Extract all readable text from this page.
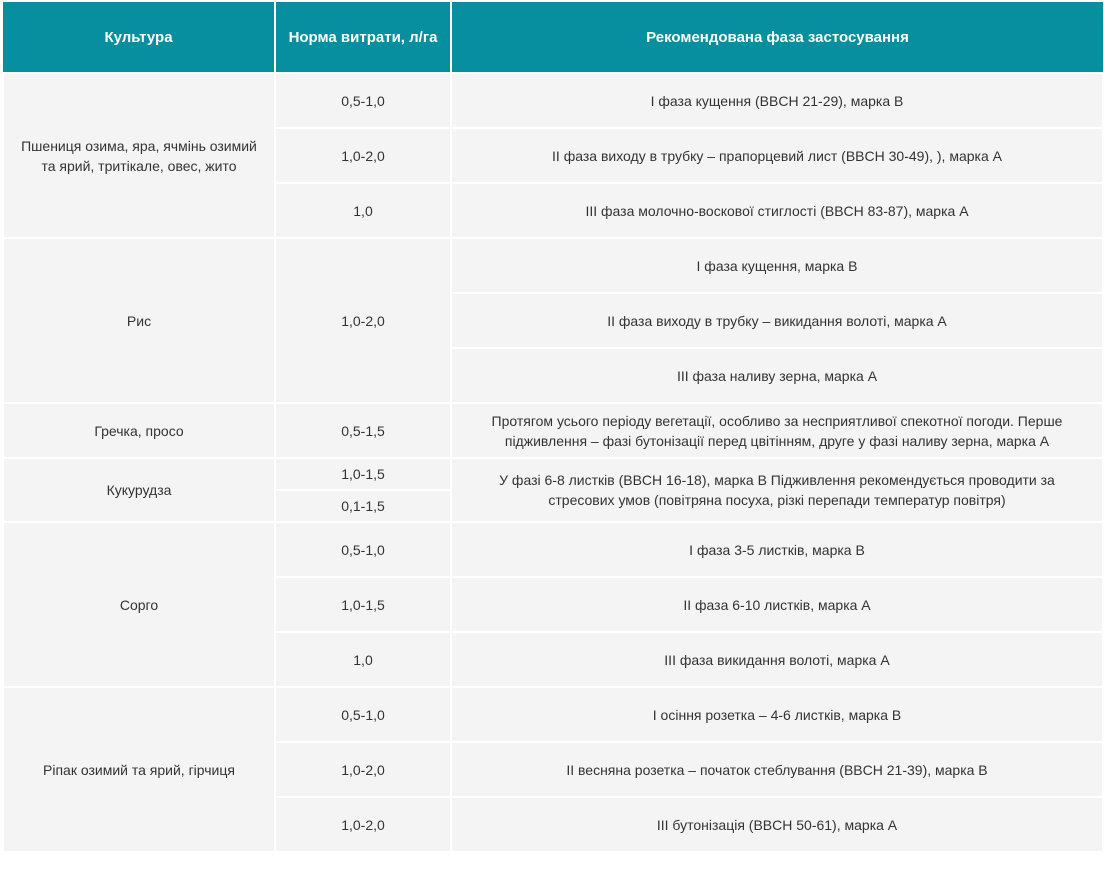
Культура	Норма витрати, л/га	Рекомендована фаза застосування
Пшениця озима, яра, ячмінь озимий та ярий, тритікале, овес, жито	0,5-1,0	І фаза кущення (BBCH 21-29), марка B
	1,0-2,0	ІІ фаза виходу в трубку – прапорцевий лист (BBCH 30-49), ), марка A
	1,0	ІІІ фаза молочно-воскової стиглості (BBCH 83-87), марка A
Рис	1,0-2,0	І фаза кущення, марка B
		ІІ фаза виходу в трубку – викидання волоті, марка A
		ІІІ фаза наливу зерна, марка A
Гречка, просо	0,5-1,5	Протягом усього періоду вегетації, особливо за несприятливої спекотної погоди. Перше підживлення – фазі бутонізації перед цвітінням, друге у фазі наливу зерна, марка A
Кукурудза	1,0-1,5	У фазі 6-8 листків (BBCH 16-18), марка B Підживлення рекомендується проводити за стресових умов (повітряна посуха, різкі перепади температур повітря)
	0,1-1,5	
Сорго	0,5-1,0	І фаза 3-5 листків, марка B
	1,0-1,5	ІІ фаза 6-10 листків, марка A
	1,0	ІІІ фаза викидання волоті, марка A
Ріпак озимий та ярий, гірчиця	0,5-1,0	І осіння розетка – 4-6 листків, марка B
	1,0-2,0	ІІ весняна розетка – початок стеблування (BBCH 21-39), марка B
	1,0-2,0	ІІІ бутонізація (BBCH 50-61), марка A
